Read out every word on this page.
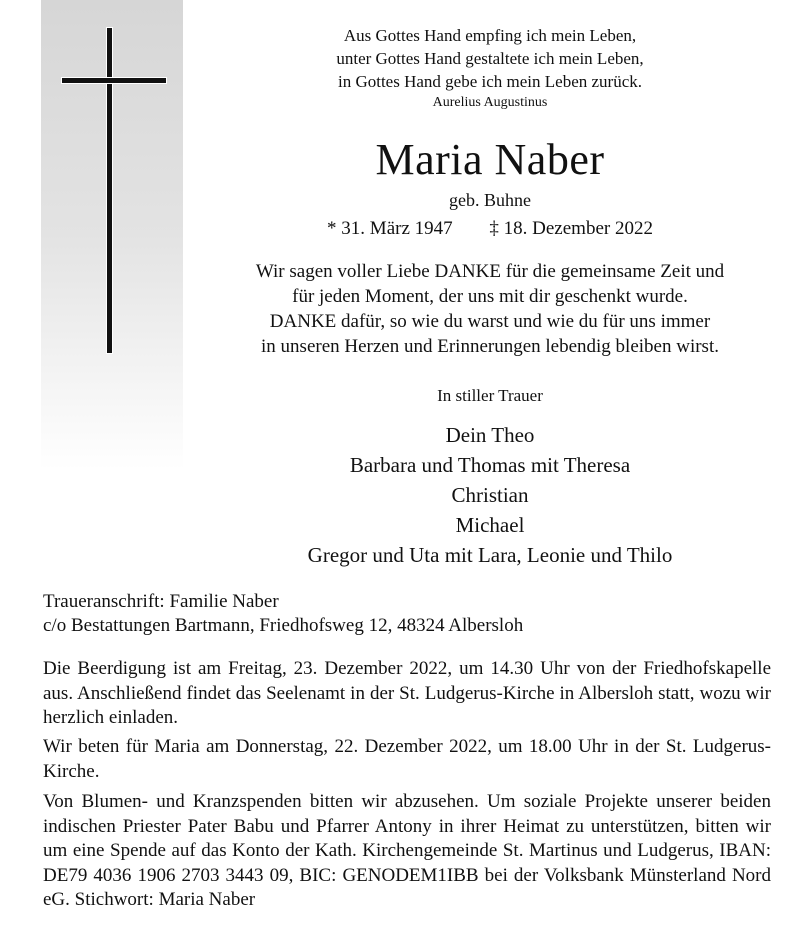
Aus Gottes Hand empfing ich mein Leben,
unter Gottes Hand gestaltete ich mein Leben,
in Gottes Hand gebe ich mein Leben zurück.
Aurelius Augustinus
Maria Naber
geb. Buhne
* 31. März 1947 ‡ 18. Dezember 2022
Wir sagen voller Liebe DANKE für die gemeinsame Zeit und
für jeden Moment, der uns mit dir geschenkt wurde.
DANKE dafür, so wie du warst und wie du für uns immer
in unseren Herzen und Erinnerungen lebendig bleiben wirst.
In stiller Trauer
Dein Theo
Barbara und Thomas mit Theresa
Christian
Michael
Gregor und Uta mit Lara, Leonie und Thilo
Traueranschrift: Familie Naber
c/o Bestattungen Bartmann, Friedhofsweg 12, 48324 Albersloh
Die Beerdigung ist am Freitag, 23. Dezember 2022, um 14.30 Uhr von der Friedhofskapelle aus. Anschließend findet das Seelenamt in der St. Ludgerus-Kirche in Albersloh statt, wozu wir herzlich einladen.
Wir beten für Maria am Donnerstag, 22. Dezember 2022, um 18.00 Uhr in der St. Ludgerus-Kirche.
Von Blumen- und Kranzspenden bitten wir abzusehen. Um soziale Projekte unserer beiden indischen Priester Pater Babu und Pfarrer Antony in ihrer Heimat zu unterstützen, bitten wir um eine Spende auf das Konto der Kath. Kirchengemeinde St. Martinus und Ludgerus, IBAN: DE79 4036 1906 2703 3443 09, BIC: GENODEM1IBB bei der Volksbank Münsterland Nord eG. Stichwort: Maria Naber
